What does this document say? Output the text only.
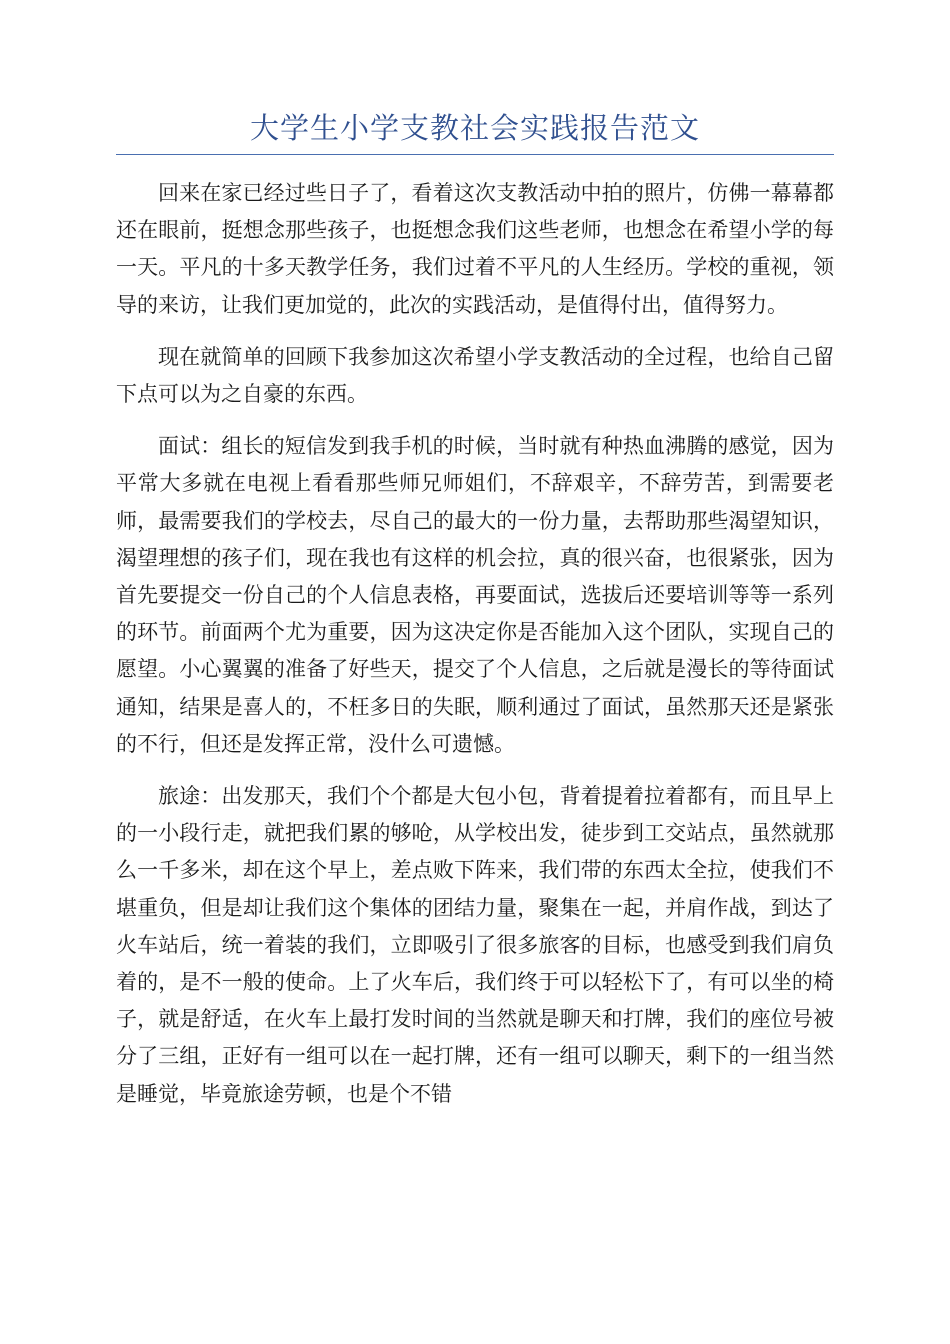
大学生小学支教社会实践报告范文

回来在家已经过些日子了，看着这次支教活动中拍的照片，仿佛一幕幕都还在眼前，挺想念那些孩子，也挺想念我们这些老师，也想念在希望小学的每一天。平凡的十多天教学任务，我们过着不平凡的人生经历。学校的重视，领导的来访，让我们更加觉的，此次的实践活动，是值得付出，值得努力。

现在就简单的回顾下我参加这次希望小学支教活动的全过程，也给自己留下点可以为之自豪的东西。

面试：组长的短信发到我手机的时候，当时就有种热血沸腾的感觉，因为平常大多就在电视上看看那些师兄师姐们，不辞艰辛，不辞劳苦，到需要老师，最需要我们的学校去，尽自己的最大的一份力量，去帮助那些渴望知识，渴望理想的孩子们，现在我也有这样的机会拉，真的很兴奋，也很紧张，因为首先要提交一份自己的个人信息表格，再要面试，选拔后还要培训等等一系列的环节。前面两个尤为重要，因为这决定你是否能加入这个团队，实现自己的愿望。小心翼翼的准备了好些天，提交了个人信息，之后就是漫长的等待面试通知，结果是喜人的，不枉多日的失眠，顺利通过了面试，虽然那天还是紧张的不行，但还是发挥正常，没什么可遗憾。

旅途：出发那天，我们个个都是大包小包，背着提着拉着都有，而且早上的一小段行走，就把我们累的够呛，从学校出发，徒步到工交站点，虽然就那么一千多米，却在这个早上，差点败下阵来，我们带的东西太全拉，使我们不堪重负，但是却让我们这个集体的团结力量，聚集在一起，并肩作战，到达了火车站后，统一着装的我们，立即吸引了很多旅客的目标，也感受到我们肩负着的，是不一般的使命。上了火车后，我们终于可以轻松下了，有可以坐的椅子，就是舒适，在火车上最打发时间的当然就是聊天和打牌，我们的座位号被分了三组，正好有一组可以在一起打牌，还有一组可以聊天，剩下的一组当然是睡觉，毕竟旅途劳顿，也是个不错
